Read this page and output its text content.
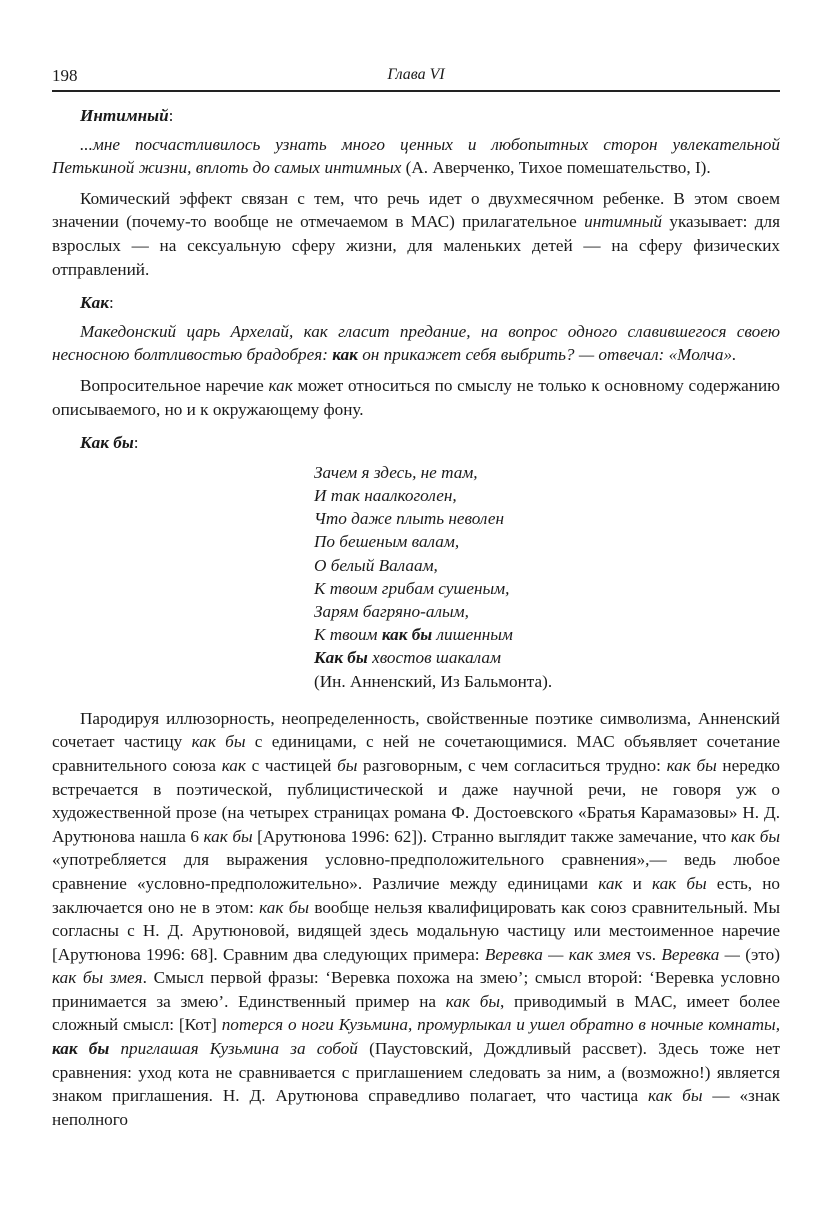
198	Глава VI
Интимный:

...мне посчастливилось узнать много ценных и любопытных сторон увлекательной Петькиной жизни, вплоть до самых интимных (А. Аверченко, Тихое помешательство, I).

Комический эффект связан с тем, что речь идет о двухмесячном ребенке. В этом своем значении (почему-то вообще не отмечаемом в МАС) прилагательное интимный указывает: для взрослых — на сексуальную сферу жизни, для маленьких детей — на сферу физических отправлений.

Как:

Македонский царь Архелай, как гласит предание, на вопрос одного славившегося своею несносною болтливостью брадобрея: как он прикажет себя выбрить? — отвечал: «Молча».

Вопросительное наречие как может относиться по смыслу не только к основному содержанию описываемого, но и к окружающему фону.

Как бы:
Зачем я здесь, не там,
И так наалкоголен,
Что даже плыть неволен
По бешеным валам,
О белый Валаам,
К твоим грибам сушеным,
Зарям багряно-алым,
К твоим как бы лишенным
Как бы хвостов шакалам
(Ин. Анненский, Из Бальмонта).

Пародируя иллюзорность, неопределенность, свойственные поэтике символизма, Анненский сочетает частицу как бы с единицами, с ней не сочетающимися. МАС объявляет сочетание сравнительного союза как с частицей бы разговорным, с чем согласиться трудно: как бы нередко встречается в поэтической, публицистической и даже научной речи, не говоря уж о художественной прозе (на четырех страницах романа Ф. Достоевского «Братья Карамазовы» Н. Д. Арутюнова нашла 6 как бы [Арутюнова 1996: 62]). Странно выглядит также замечание, что как бы «употребляется для выражения условно-предположительного сравнения»,— ведь любое сравнение «условно-предположительно». Различие между единицами как и как бы есть, но заключается оно не в этом: как бы вообще нельзя квалифицировать как союз сравнительный. Мы согласны с Н. Д. Арутюновой, видящей здесь модальную частицу или местоименное наречие [Арутюнова 1996: 68]. Сравним два следующих примера: Веревка — как змея vs. Веревка — (это) как бы змея. Смысл первой фразы: ‘Веревка похожа на змею’; смысл второй: ‘Веревка условно принимается за змею’. Единственный пример на как бы, приводимый в МАС, имеет более сложный смысл: [Кот] потерся о ноги Кузьмина, промурлыкал и ушел обратно в ночные комнаты, как бы приглашая Кузьмина за собой (Паустовский, Дождливый рассвет). Здесь тоже нет сравнения: уход кота не сравнивается с приглашением следовать за ним, а (возможно!) является знаком приглашения. Н. Д. Арутюнова справедливо полагает, что частица как бы — «знак неполного
